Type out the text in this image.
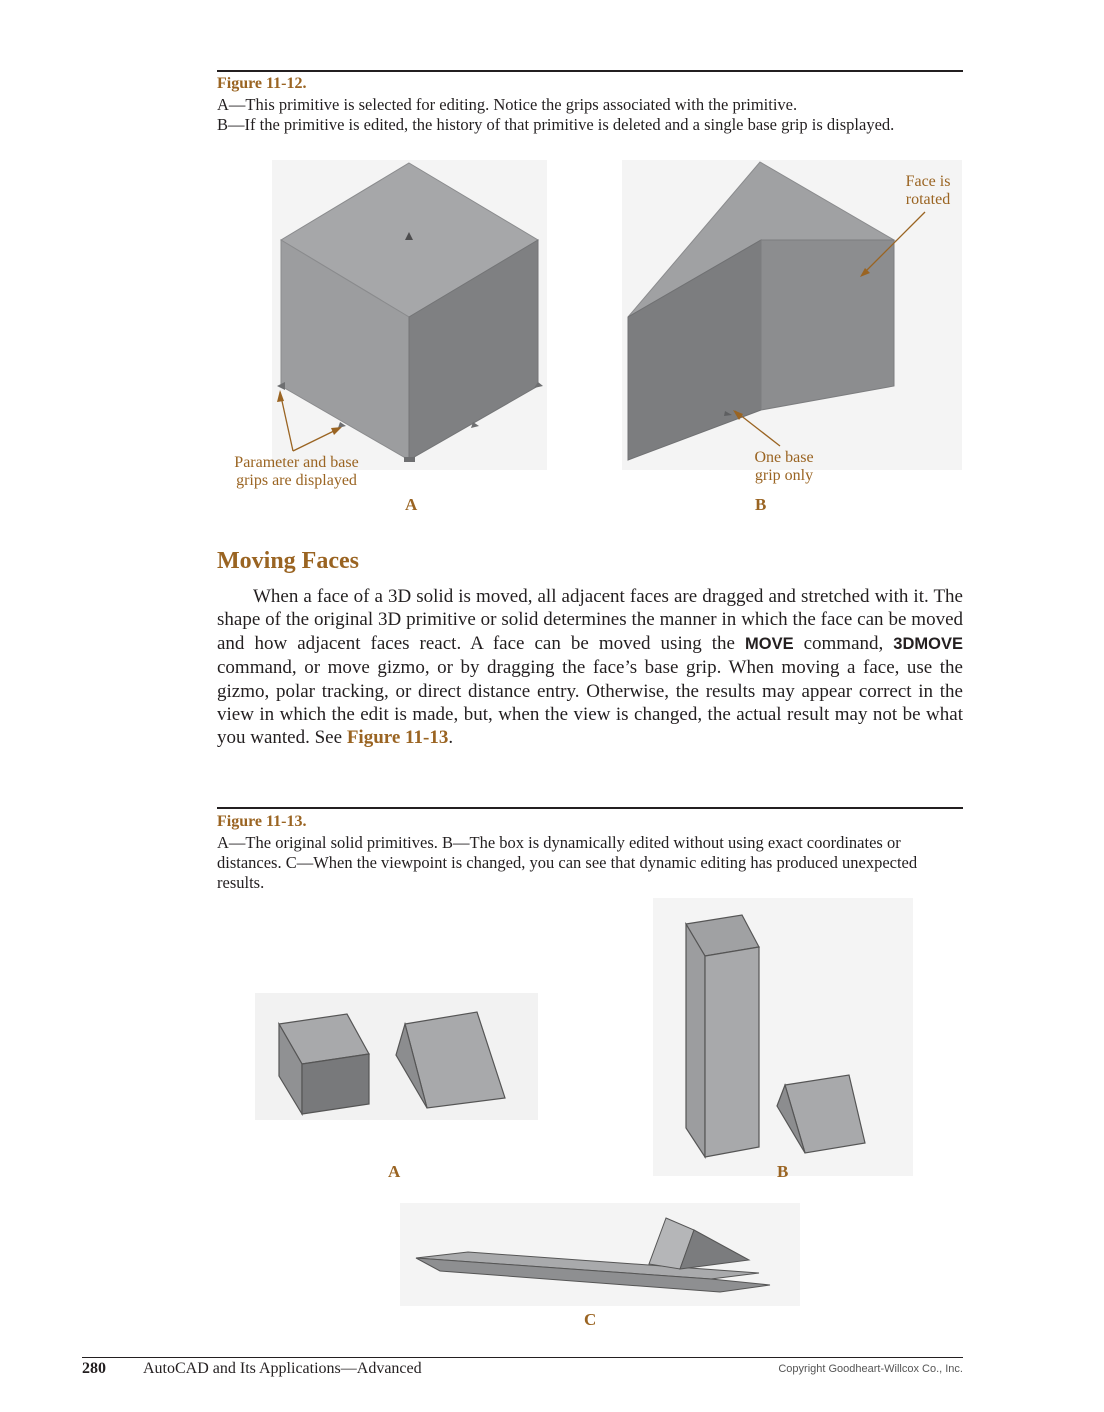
Figure 11-12.
A—This primitive is selected for editing. Notice the grips associated with the primitive.
B—If the primitive is edited, the history of that primitive is deleted and a single base grip is displayed.
Parameter and base
grips are displayed
A
Face is
rotated
One base
grip only
B
Moving Faces
When a face of a 3D solid is moved, all adjacent faces are dragged and stretched with it. The shape of the original 3D primitive or solid determines the manner in which the face can be moved and how adjacent faces react. A face can be moved using the MOVE command, 3DMOVE command, or move gizmo, or by dragging the face’s base grip. When moving a face, use the gizmo, polar tracking, or direct distance entry. Otherwise, the results may appear correct in the view in which the edit is made, but, when the view is changed, the actual result may not be what you wanted. See Figure 11-13.
Figure 11-13.
A—The original solid primitives. B—The box is dynamically edited without using exact coordinates or distances. C—When the viewpoint is changed, you can see that dynamic editing has produced unexpected results.
A	B
C
280 AutoCAD and Its Applications—Advanced	Copyright Goodheart-Willcox Co., Inc.
